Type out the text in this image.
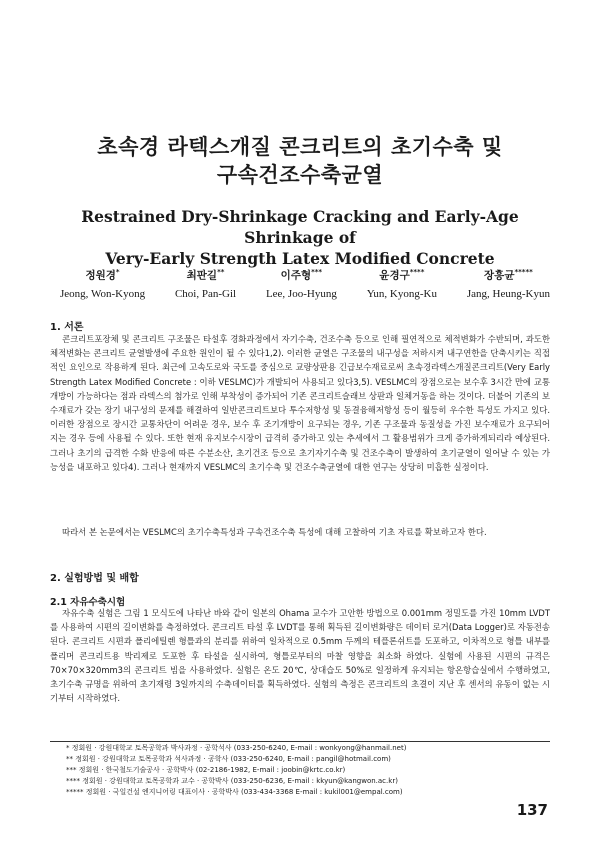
초속경 라텍스개질 콘크리트의 초기수축 및
구속건조수축균열
Restrained Dry-Shrinkage Cracking and Early-Age Shrinkage of
Very-Early Strength Latex Modified Concrete
정원경*
Jeong, Won-Kyong
최판길**
Choi, Pan-Gil
이주형***
Lee, Joo-Hyung
윤경구****
Yun, Kyong-Ku
장흥균*****
Jang, Heung-Kyun
1. 서론

콘크리트포장체 및 콘크리트 구조물은 타설후 경화과정에서 자기수축, 건조수축 등으로 인해 필연적으로 체적변화가 수반되며, 과도한 체적변화는 콘크리트 균열발생에 주요한 원인이 될 수 있다1,2). 이러한 균열은 구조물의 내구성을 저하시켜 내구연한을 단축시키는 직접적인 요인으로 작용하게 된다. 최근에 고속도로와 국도를 중심으로 교량상판용 긴급보수재료로써 초속경라텍스개질콘크리트(Very Early Strength Latex Modified Concrete : 이하 VESLMC)가 개발되어 사용되고 있다3,5). VESLMC의 장점으로는 보수후 3시간 만에 교통개방이 가능하다는 점과 라텍스의 첨가로 인해 부착성이 증가되어 기존 콘크리트슬래브 상판과 일체거동을 하는 것이다. 더불어 기존의 보수재료가 갖는 장기 내구성의 문제를 해결하여 일반콘크리트보다 투수저항성 및 동결융해저항성 등이 월등히 우수한 특성도 가지고 있다. 이러한 장점으로 장시간 교통차단이 어려운 경우, 보수 후 조기개방이 요구되는 경우, 기존 구조물과 동질성을 가진 보수재료가 요구되어지는 경우 등에 사용될 수 있다. 또한 현재 유지보수시장이 급격히 증가하고 있는 추세에서 그 활용범위가 크게 증가하게되리라 예상된다. 그러나 초기의 급격한 수화 반응에 따른 수분소산, 초기건조 등으로 초기자기수축 및 건조수축이 발생하여 초기균열이 일어날 수 있는 가능성을 내포하고 있다4). 그러나 현재까지 VESLMC의 초기수축 및 건조수축균열에 대한 연구는 상당히 미흡한 실정이다.

따라서 본 논문에서는 VESLMC의 초기수축특성과 구속건조수축 특성에 대해 고찰하여 기초 자료를 확보하고자 한다.

2. 실험방법 및 배합
2.1 자유수축시험

자유수축 실험은 그림 1 모식도에 나타난 바와 같이 일본의 Ohama 교수가 고안한 방법으로 0.001mm 정밀도를 가진 10mm LVDT를 사용하여 시편의 길이변화를 측정하였다. 콘크리트 타설 후 LVDT를 통해 획득된 길이변화량은 데이터 로거(Data Logger)로 자동전송 된다. 콘크리트 시편과 폴리에틸렌 형틀과의 분리를 위하여 일차적으로 0.5mm 두께의 테플론쉬트를 도포하고, 이차적으로 형틀 내부를 폴리머 콘크리트용 박리제로 도포한 후 타설을 실시하여, 형틀로부터의 마찰 영향을 최소화 하였다. 실험에 사용된 시편의 규격은 70×70×320mm3의 콘크리트 빔을 사용하였다. 실험은 온도 20℃, 상대습도 50%로 일정하게 유지되는 항온항습실에서 수행하였고, 초기수축 규명을 위하여 초기재령 3일까지의 수축데이터를 획득하였다. 실험의 측정은 콘크리트의 초결이 지난 후 센서의 유동이 없는 시기부터 시작하였다.

* 정회원 · 강원대학교 토목공학과 박사과정 · 공학석사 (033-250-6240, E-mail : wonkyong@hanmail.net)
** 정회원 · 강원대학교 토목공학과 석사과정 · 공학사 (033-250-6240, E-mail : pangil@hotmail.com)
*** 정회원 · 한국철도기술공사 · 공학박사 (02-2186-1982, E-mail : joobin@krtc.co.kr)
**** 정회원 · 강원대학교 토목공학과 교수 · 공학박사 (033-250-6236, E-mail : kkyun@kangwon.ac.kr)
***** 정회원 · 국일건설 엔지니어링 대표이사 · 공학박사 (033-434-3368 E-mail : kukil001@empal.com)
137
